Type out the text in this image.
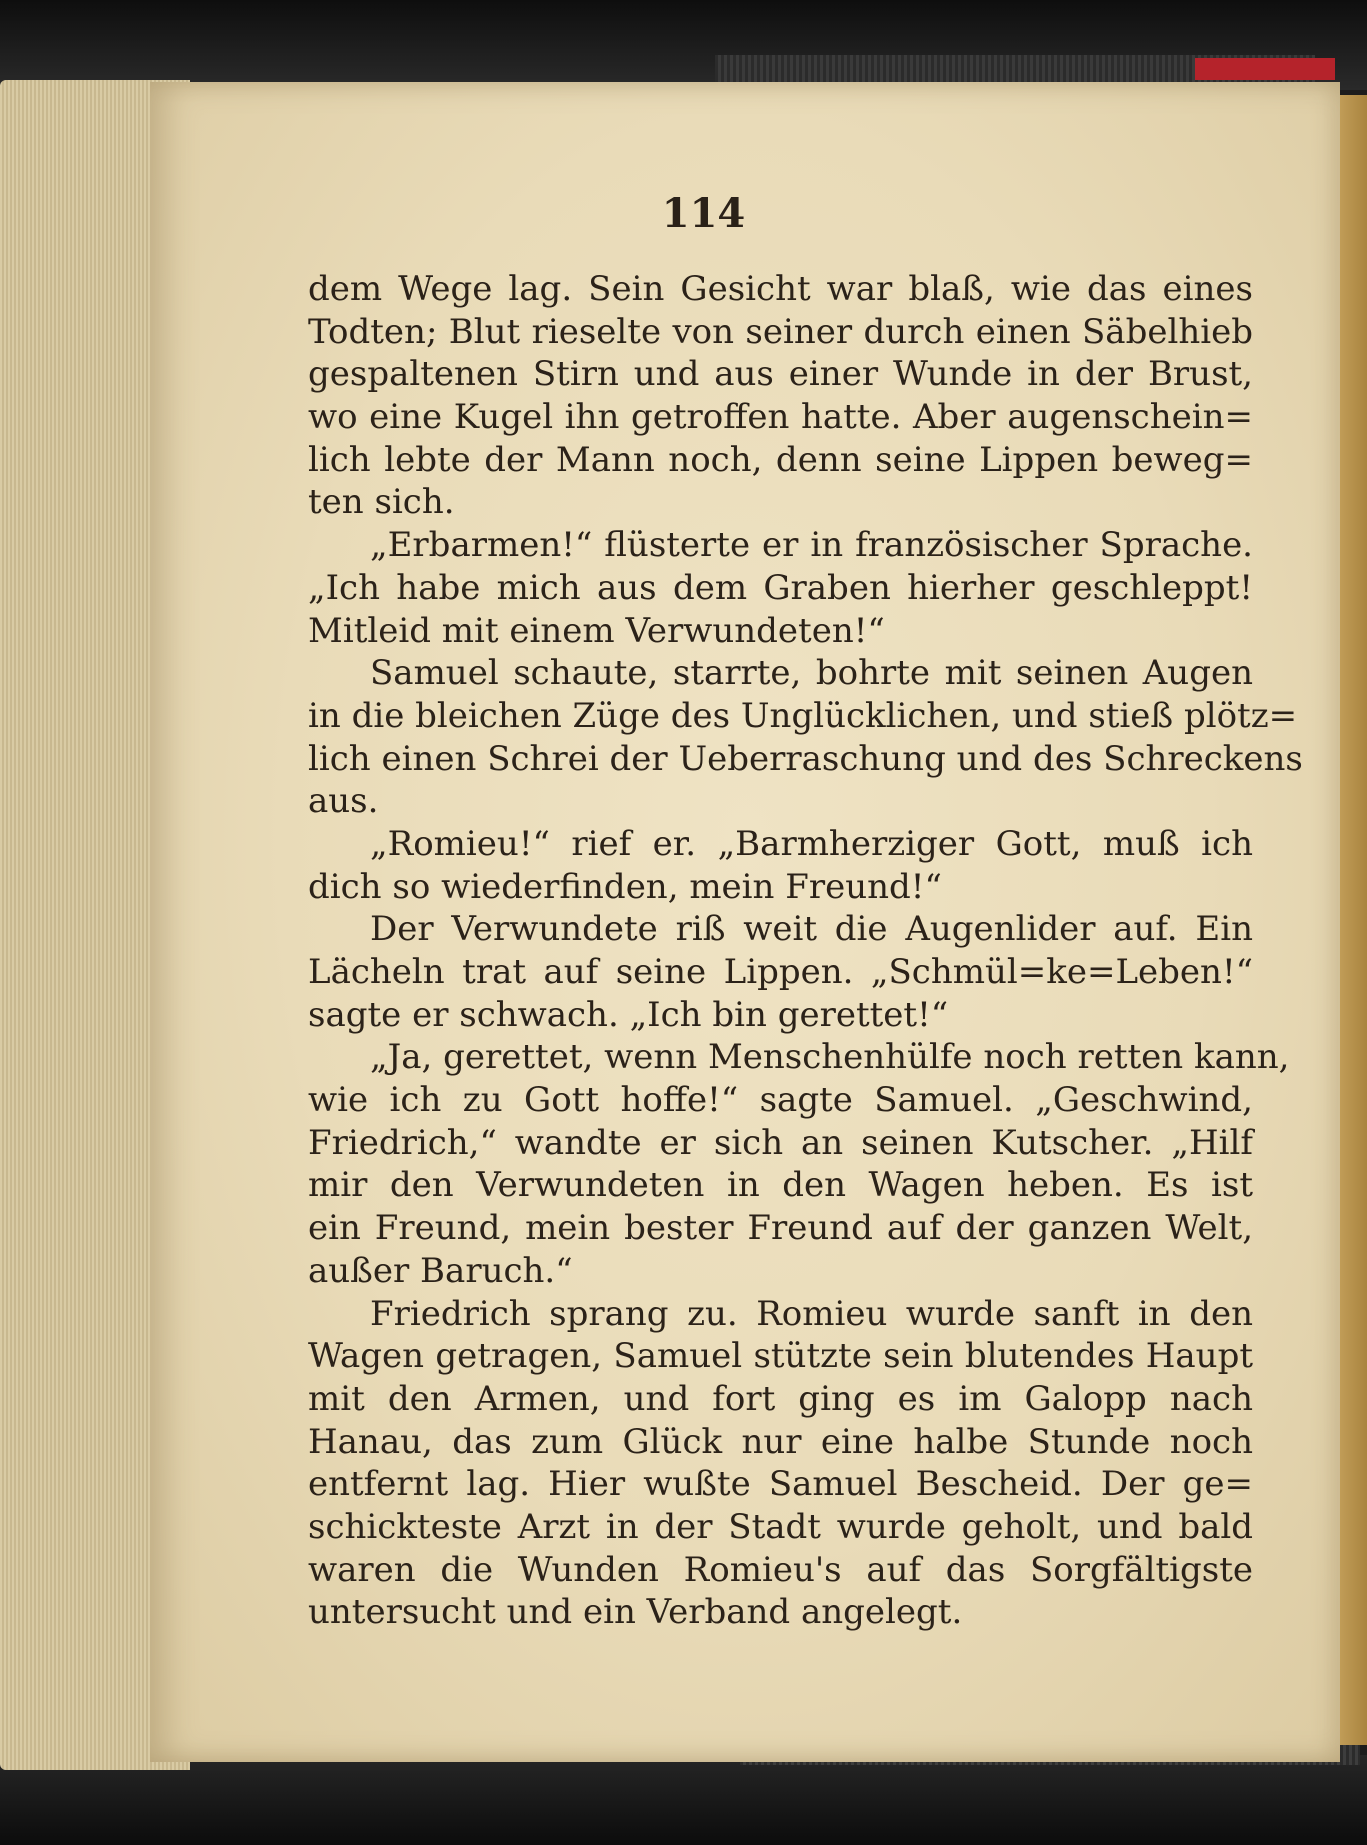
114
dem Wege lag. Sein Gesicht war blaß, wie das eines
Todten; Blut rieselte von seiner durch einen Säbelhieb
gespaltenen Stirn und aus einer Wunde in der Brust,
wo eine Kugel ihn getroffen hatte. Aber augenschein=
lich lebte der Mann noch, denn seine Lippen beweg=
ten sich.
„Erbarmen!“ flüsterte er in französischer Sprache.
„Ich habe mich aus dem Graben hierher geschleppt!
Mitleid mit einem Verwundeten!“
Samuel schaute, starrte, bohrte mit seinen Augen
in die bleichen Züge des Unglücklichen, und stieß plötz=
lich einen Schrei der Ueberraschung und des Schreckens
aus.
„Romieu!“ rief er. „Barmherziger Gott, muß ich
dich so wiederfinden, mein Freund!“
Der Verwundete riß weit die Augenlider auf. Ein
Lächeln trat auf seine Lippen. „Schmül=ke=Leben!“
sagte er schwach. „Ich bin gerettet!“
„Ja, gerettet, wenn Menschenhülfe noch retten kann,
wie ich zu Gott hoffe!“ sagte Samuel. „Geschwind,
Friedrich,“ wandte er sich an seinen Kutscher. „Hilf
mir den Verwundeten in den Wagen heben. Es ist
ein Freund, mein bester Freund auf der ganzen Welt,
außer Baruch.“
Friedrich sprang zu. Romieu wurde sanft in den
Wagen getragen, Samuel stützte sein blutendes Haupt
mit den Armen, und fort ging es im Galopp nach
Hanau, das zum Glück nur eine halbe Stunde noch
entfernt lag. Hier wußte Samuel Bescheid. Der ge=
schickteste Arzt in der Stadt wurde geholt, und bald
waren die Wunden Romieu's auf das Sorgfältigste
untersucht und ein Verband angelegt.
